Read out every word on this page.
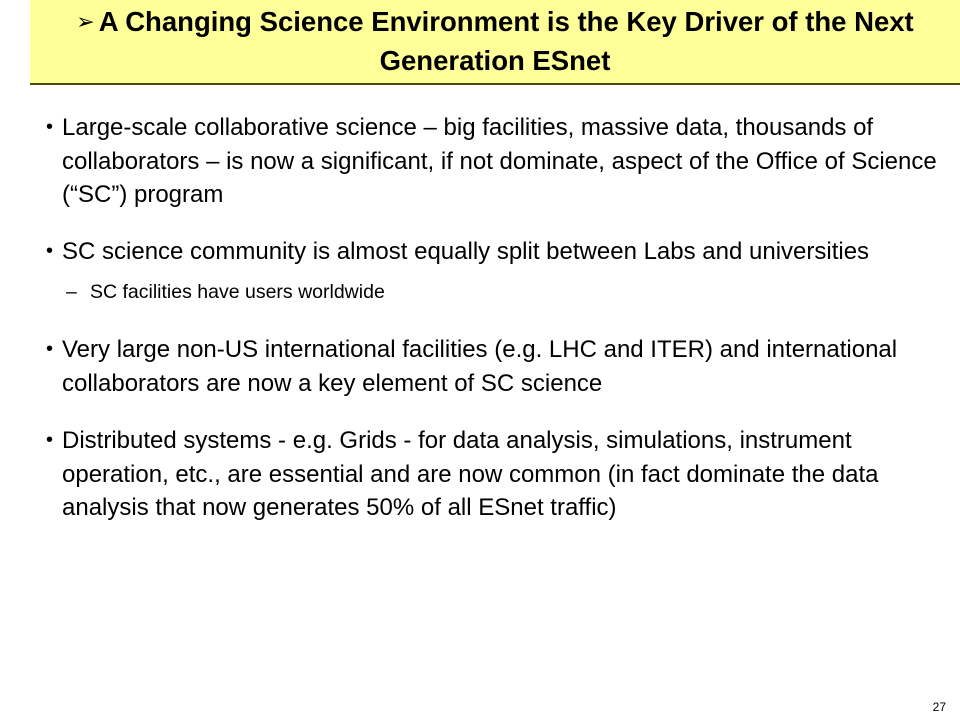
➢ A Changing Science Environment is the Key Driver of the Next Generation ESnet
• Large-scale collaborative science – big facilities, massive data, thousands of collaborators – is now a significant, if not dominate, aspect of the Office of Science (“SC”) program
• SC science community is almost equally split between Labs and universities
– SC facilities have users worldwide
• Very large non-US international facilities (e.g. LHC and ITER) and international collaborators are now a key element of SC science
• Distributed systems - e.g. Grids - for data analysis, simulations, instrument operation, etc., are essential and are now common (in fact dominate the data analysis that now generates 50% of all ESnet traffic)
27
